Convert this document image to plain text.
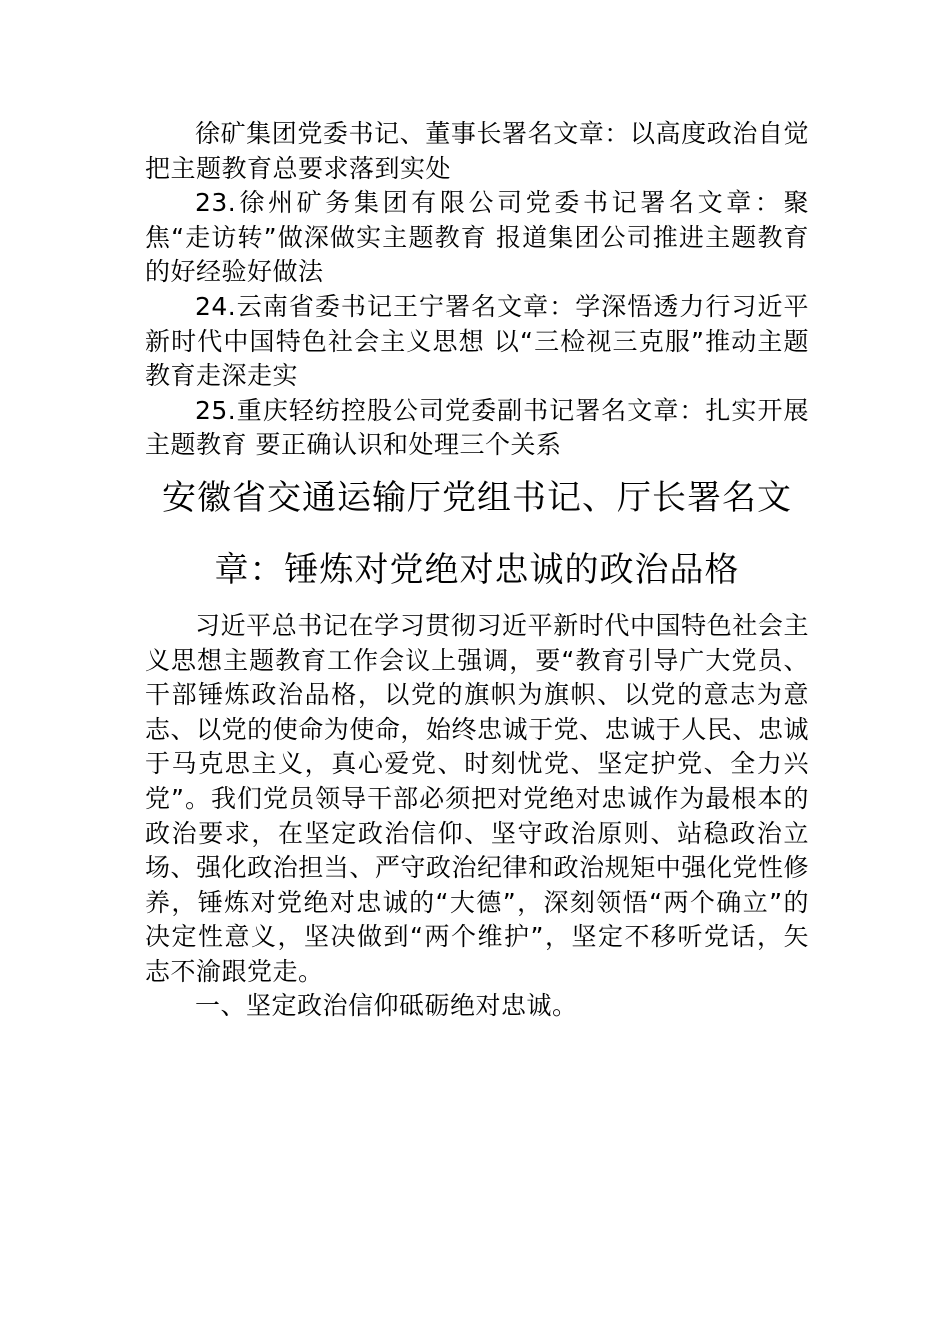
徐矿集团党委书记、董事长署名文章：以高度政治自觉把主题教育总要求落到实处

23.徐州矿务集团有限公司党委书记署名文章：聚焦“走访转”做深做实主题教育 报道集团公司推进主题教育的好经验好做法

24.云南省委书记王宁署名文章：学深悟透力行习近平新时代中国特色社会主义思想 以“三检视三克服”推动主题教育走深走实

25.重庆轻纺控股公司党委副书记署名文章：扎实开展主题教育 要正确认识和处理三个关系

安徽省交通运输厅党组书记、厅长署名文
章：锤炼对党绝对忠诚的政治品格

习近平总书记在学习贯彻习近平新时代中国特色社会主义思想主题教育工作会议上强调，要“教育引导广大党员、干部锤炼政治品格，以党的旗帜为旗帜、以党的意志为意志、以党的使命为使命，始终忠诚于党、忠诚于人民、忠诚于马克思主义，真心爱党、时刻忧党、坚定护党、全力兴党”。我们党员领导干部必须把对党绝对忠诚作为最根本的政治要求，在坚定政治信仰、坚守政治原则、站稳政治立场、强化政治担当、严守政治纪律和政治规矩中强化党性修养，锤炼对党绝对忠诚的“大德”，深刻领悟“两个确立”的决定性意义，坚决做到“两个维护”，坚定不移听党话，矢志不渝跟党走。

一、坚定政治信仰砥砺绝对忠诚。
